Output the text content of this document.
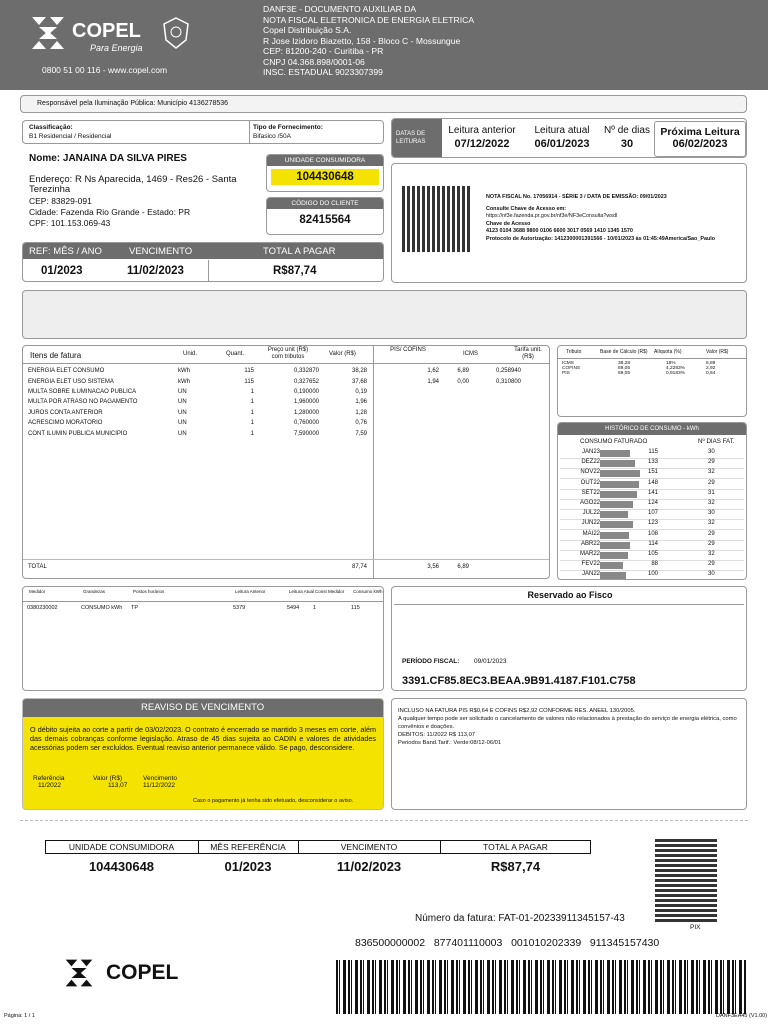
COPEL
Para Energia
0800 51 00 116 - www.copel.com
DANF3E - DOCUMENTO AUXILIAR DA
NOTA FISCAL ELETRONICA DE ENERGIA ELETRICA
Copel Distribuição S.A.
R Jose Izidoro Biazetto, 158 - Bloco C - Mossungue
CEP: 81200-240 - Curitiba - PR
CNPJ 04.368.898/0001-06
INSC. ESTADUAL 9023307399
Responsável pela Iluminação Pública: Município 4136278536
Classificação:
B1 Residencial / Residencial
Tipo de Fornecimento:
Bifasico /50A	DATAS DE LEITURAS
Leitura anterior
07/12/2022
Leitura atual
06/01/2023
Nº de dias
30
Próxima Leitura
06/02/2023
Nome: JANAINA DA SILVA PIRES
Endereço: R Ns Aparecida, 1469 - Res26 - Santa Terezinha
CEP: 83829-091
Cidade: Fazenda Rio Grande - Estado: PR
CPF: 101.153.069-43
UNIDADE CONSUMIDORA
104430648
CÓDIGO DO CLIENTE
82415564
REF: MÊS / ANO	VENCIMENTO	TOTAL A PAGAR
01/2023	11/02/2023	R$87,74
NOTA FISCAL No. 17056914 - SÉRIE 3 / DATA DE EMISSÃO: 09/01/2023
Consulte Chave de Acesso em:
https://nf3e.fazenda.pr.gov.br/nf3e/NF3eConsulta?wsdl
Chave de Acesso
4123 0104 3688 9800 0106 6600 3017 0569 1410 1345 1570
Protocolo de Autorização: 1412300001391566 - 10/01/2023 às 01:45:49America/Sao_Paulo
Itens de fatura	Unid.	Quant.
Preço unit (R$) com tributos	Valor (R$)
PIS/ COFINS
ICMS
Tarifa unit. (R$)
ENERGIA ELET CONSUMO	kWh	115	0,332870	38,28	1,62	6,89	0,258940
ENERGIA ELET USO SISTEMA	kWh	115	0,327652	37,68	1,94	0,00	0,310800
MULTA SOBRE ILUMINACAO PUBLICA	UN	1	0,190000	0,19			
MULTA POR ATRASO NO PAGAMENTO	UN	1	1,960000	1,96			
JUROS CONTA ANTERIOR	UN	1	1,280000	1,28			
ACRESCIMO MORATORIO	UN	1	0,760000	0,76			
CONT ILUMIN PUBLICA MUNICIPIO	UN	1	7,590000	7,59			
TOTAL				87,74	3,56	6,89	
Tributo	Base de Cálculo (R$) Alíquota (%)	Valor (R$)
ICMS	38,28	18%	6,89
COFINS	69,05	4,2283%	2,92
PIS	69,05	0,9183%	0,64
HISTÓRICO DE CONSUMO - kWh
CONSUMO FATURADO	Nº DIAS FAT.
JAN23	115	30
DEZ22	133	29
NOV22	151	32
OUT22	148	29
SET22	141	31
AGO22	124	32
JUL22	107	30
JUN22	123	32
MAI22	108	29
ABR22	114	29
MAR22	105	32
FEV22	88	29
JAN22	100	30
Medidor	Grandezas	Postos horários	Leitura Anterior	Leitura Atual Const Medidor	Consumo kWh
0380230002	CONSUMO kWh TP	5379	5494	1	115
Reservado ao Fisco
PERÍODO FISCAL: 09/01/2023
3391.CF85.8EC3.BEAA.9B91.4187.F101.C758
REAVISO DE VENCIMENTO
O débito sujeita ao corte a partir de 03/02/2023. O contrato é encerrado se mantido 3 meses em corte, além das demais cobranças conforme legislação. Atraso de 45 dias sujeita ao CADIN e valores de atividades acessórias podem ser excluídos. Eventual reaviso anterior permanece válido. Se pago, desconsidere.
Referência	Valor (R$)	Vencimento
11/2022	113,07 11/12/2022
Caso o pagamento já tenha sido efetuado, desconsiderar o aviso.
INCLUSO NA FATURA PIS R$0,64 E COFINS R$2,92 CONFORME RES. ANEEL 130/2005.
A qualquer tempo pode ser solicitado o cancelamento de valores não relacionados à prestação do serviço de energia elétrica, como convênios e doações.
DEBITOS: 11/2022 R$ 113,07
Periodos Band.Tarif.: Verde:08/12-06/01
UNIDADE CONSUMIDORA	MÊS REFERÊNCIA	VENCIMENTO	TOTAL A PAGAR
104430648	01/2023	11/02/2023	R$87,74
PIX
Número da fatura: FAT-01-20233911345157-43
836500000002   877401110003   001010202339   911345157430
COPEL
Página: 1 / 1	DANF3EA45 (V1.00)
